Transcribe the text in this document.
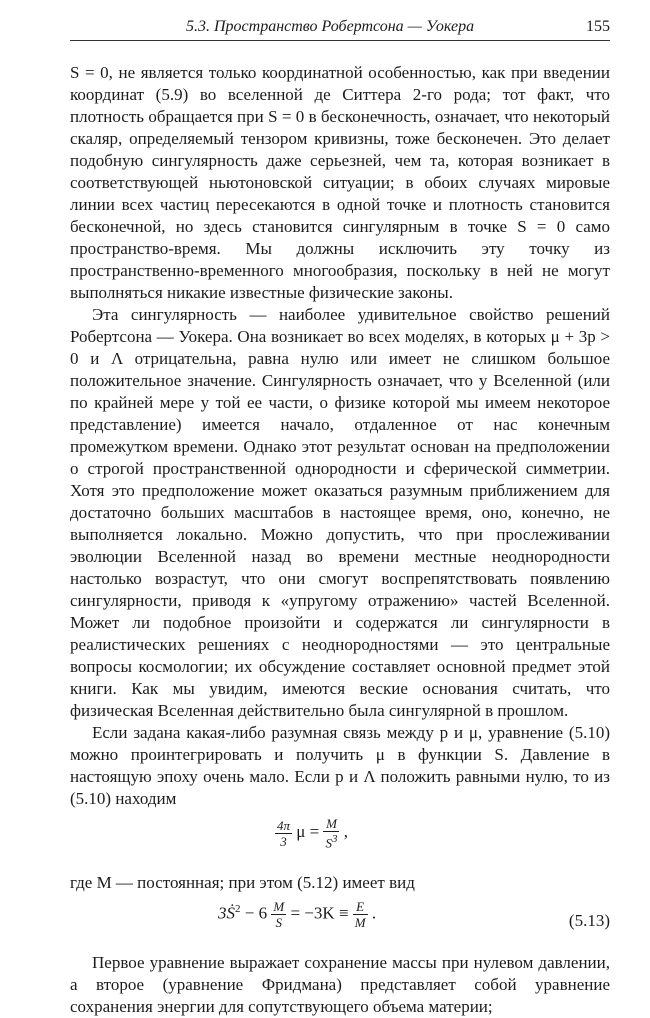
5.3. Пространство Робертсона — Уокера	155

S = 0, не является только координатной особенностью, как при введении координат (5.9) во вселенной де Ситтера 2-го рода; тот факт, что плотность обращается при S = 0 в бесконечность, означает, что некоторый скаляр, определяемый тензором кривизны, тоже бесконечен. Это делает подобную сингулярность даже серьезней, чем та, которая возникает в соответствующей ньютоновской ситуации; в обоих случаях мировые линии всех частиц пересекаются в одной точке и плотность становится бесконечной, но здесь становится сингулярным в точке S = 0 само пространство-время. Мы должны исключить эту точку из пространственно-временного многообразия, поскольку в ней не могут выполняться никакие известные физические законы.

Эта сингулярность — наиболее удивительное свойство решений Робертсона — Уокера. Она возникает во всех моделях, в которых μ + 3p > 0 и Λ отрицательна, равна нулю или имеет не слишком большое положительное значение. Сингулярность означает, что у Вселенной (или по крайней мере у той ее части, о физике которой мы имеем некоторое представление) имеется начало, отдаленное от нас конечным промежутком времени. Однако этот результат основан на предположении о строгой пространственной однородности и сферической симметрии. Хотя это предположение может оказаться разумным приближением для достаточно больших масштабов в настоящее время, оно, конечно, не выполняется локально. Можно допустить, что при прослеживании эволюции Вселенной назад во времени местные неоднородности настолько возрастут, что они смогут воспрепятствовать появлению сингулярности, приводя к «упругому отражению» частей Вселенной. Может ли подобное произойти и содержатся ли сингулярности в реалистических решениях с неоднородностями — это центральные вопросы космологии; их обсуждение составляет основной предмет этой книги. Как мы увидим, имеются веские основания считать, что физическая Вселенная действительно была сингулярной в прошлом.

Если задана какая-либо разумная связь между p и μ, уравнение (5.10) можно проинтегрировать и получить μ в функции S. Давление в настоящую эпоху очень мало. Если p и Λ положить равными нулю, то из (5.10) находим

$\frac{4\pi}{3}$ $\mu = \frac{M}{S^3}$ ,

где M — постоянная; при этом (5.12) имеет вид

3Ṡ$^2$ − $6 \frac{M}{S} = -3K \equiv \frac{E}{M}$ .	(5.13)

Первое уравнение выражает сохранение массы при нулевом давлении, а второе (уравнение Фридмана) представляет собой уравнение сохранения энергии для сопутствующего объема материи;
